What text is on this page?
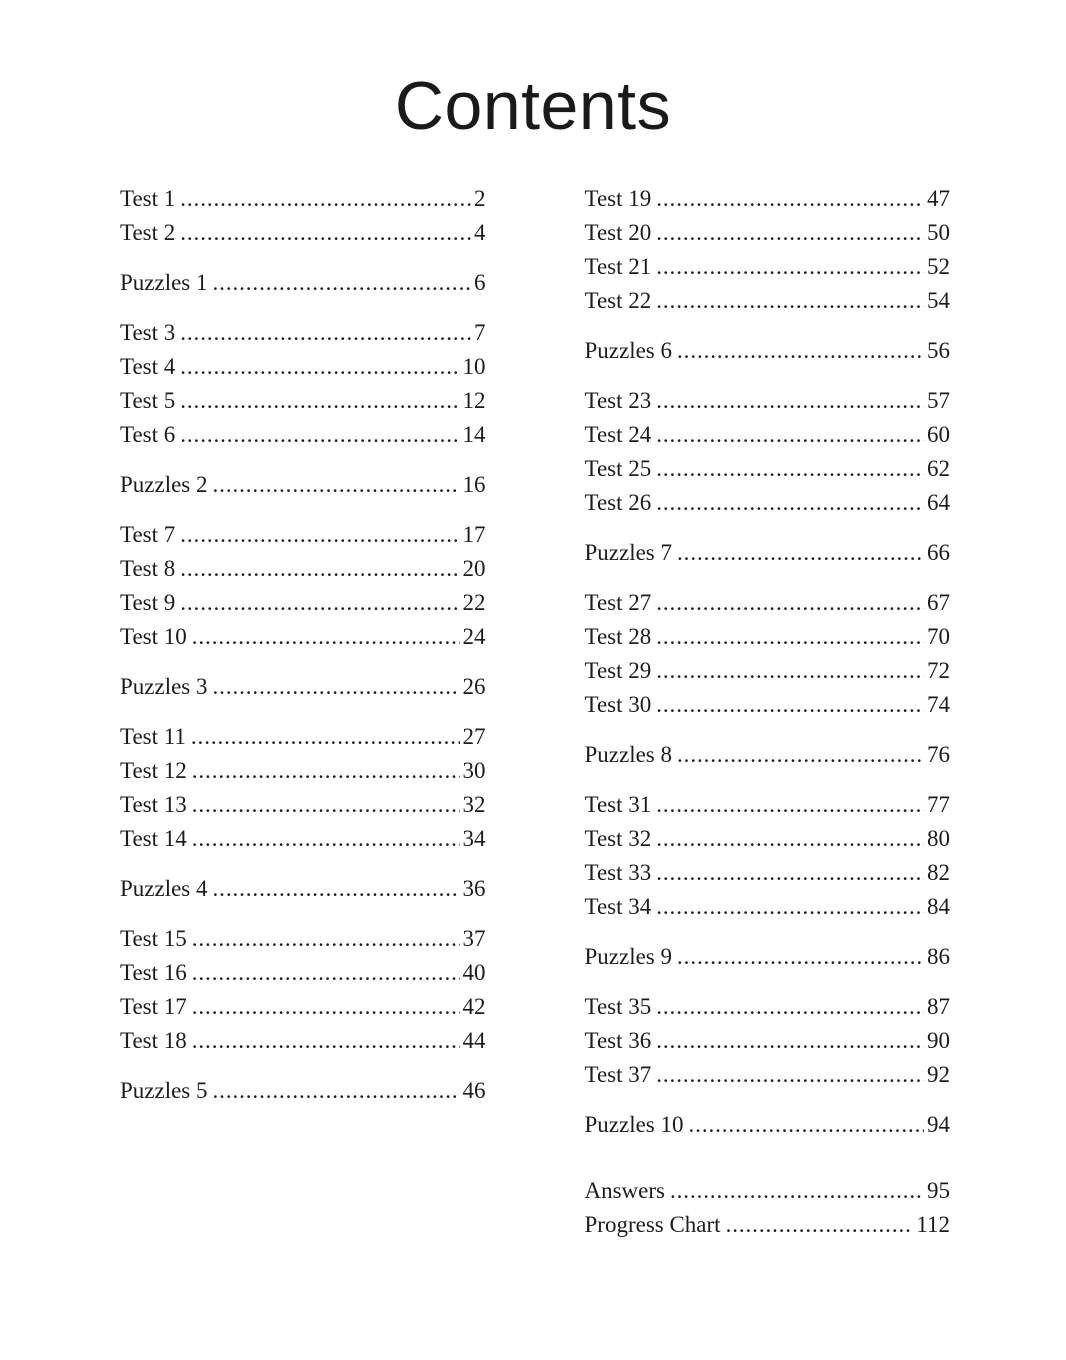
Contents
Test 1 .....	2
Test 2 .....	4
Puzzles 1 .....	6
Test 3 .....	7
Test 4 .....	10
Test 5 .....	12
Test 6 .....	14
Puzzles 2 .....	16
Test 7 .....	17
Test 8 .....	20
Test 9 .....	22
Test 10 .....	24
Puzzles 3 .....	26
Test 11 .....	27
Test 12 .....	30
Test 13 .....	32
Test 14 .....	34
Puzzles 4 .....	36
Test 15 .....	37
Test 16 .....	40
Test 17 .....	42
Test 18 .....	44
Puzzles 5 .....	46
Test 19 .....	47
Test 20 .....	50
Test 21 .....	52
Test 22 .....	54
Puzzles 6 .....	56
Test 23 .....	57
Test 24 .....	60
Test 25 .....	62
Test 26 .....	64
Puzzles 7 .....	66
Test 27 .....	67
Test 28 .....	70
Test 29 .....	72
Test 30 .....	74
Puzzles 8 .....	76
Test 31 .....	77
Test 32 .....	80
Test 33 .....	82
Test 34 .....	84
Puzzles 9 .....	86
Test 35 .....	87
Test 36 .....	90
Test 37 .....	92
Puzzles 10 .....	94
Answers .....	95
Progress Chart .....	112
